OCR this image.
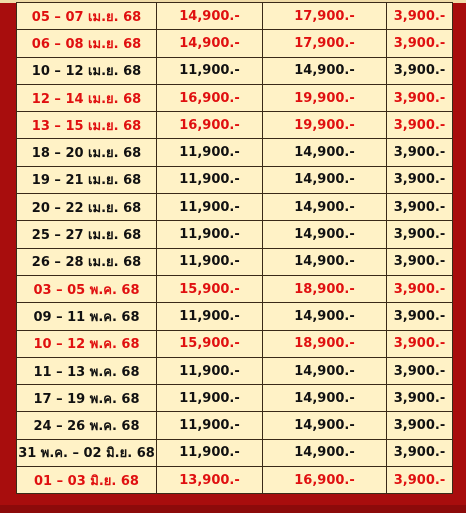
05 – 07 เม.ย. 68	14,900.-	17,900.-	3,900.-
06 – 08 เม.ย. 68	14,900.-	17,900.-	3,900.-
10 – 12 เม.ย. 68	11,900.-	14,900.-	3,900.-
12 – 14 เม.ย. 68	16,900.-	19,900.-	3,900.-
13 – 15 เม.ย. 68	16,900.-	19,900.-	3,900.-
18 – 20 เม.ย. 68	11,900.-	14,900.-	3,900.-
19 – 21 เม.ย. 68	11,900.-	14,900.-	3,900.-
20 – 22 เม.ย. 68	11,900.-	14,900.-	3,900.-
25 – 27 เม.ย. 68	11,900.-	14,900.-	3,900.-
26 – 28 เม.ย. 68	11,900.-	14,900.-	3,900.-
03 – 05 พ.ค. 68	15,900.-	18,900.-	3,900.-
09 – 11 พ.ค. 68	11,900.-	14,900.-	3,900.-
10 – 12 พ.ค. 68	15,900.-	18,900.-	3,900.-
11 – 13 พ.ค. 68	11,900.-	14,900.-	3,900.-
17 – 19 พ.ค. 68	11,900.-	14,900.-	3,900.-
24 – 26 พ.ค. 68	11,900.-	14,900.-	3,900.-
31 พ.ค. – 02 มิ.ย. 68	11,900.-	14,900.-	3,900.-
01 – 03 มิ.ย. 68	13,900.-	16,900.-	3,900.-
